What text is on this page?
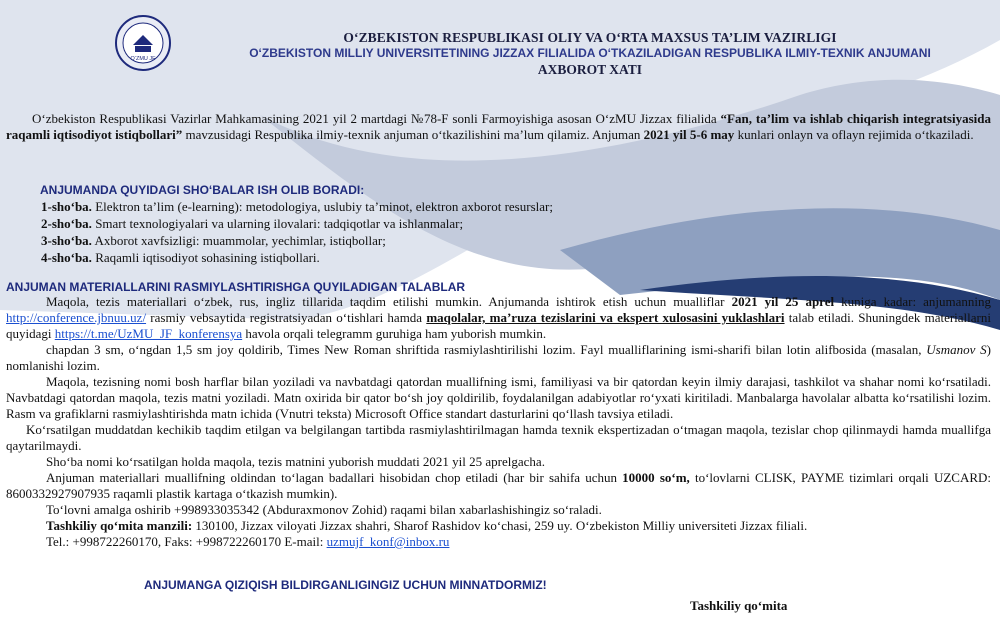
O‘ZMU JF
O‘ZBEKISTON RESPUBLIKASI OLIY VA O‘RTA MAXSUS TA’LIM VAZIRLIGI
O‘ZBEKISTON MILLIY UNIVERSITETINING JIZZAX FILIALIDA O‘TKAZILADIGAN RESPUBLIKA ILMIY-TEXNIK ANJUMANI
AXBOROT XATI
O‘zbekiston Respublikasi Vazirlar Mahkamasining 2021 yil 2 martdagi №78-F sonli Farmoyishiga asosan O‘zMU Jizzax filialida “Fan, ta’lim va ishlab chiqarish integratsiyasida raqamli iqtisodiyot istiqbollari” mavzusidagi Respublika ilmiy-texnik anjuman o‘tkazilishini ma’lum qilamiz. Anjuman 2021 yil 5-6 may kunlari onlayn va oflayn rejimida o‘tkaziladi.
ANJUMANDA QUYIDAGI SHO‘BALAR ISH OLIB BORADI:
1-sho‘ba. Elektron ta’lim (e-learning): metodologiya, uslubiy ta’minot, elektron axborot resurslar;
2-sho‘ba. Smart texnologiyalari va ularning ilovalari: tadqiqotlar va ishlanmalar;
3-sho‘ba. Axborot xavfsizligi: muammolar, yechimlar, istiqbollar;
4-sho‘ba. Raqamli iqtisodiyot sohasining istiqbollari.
ANJUMAN MATERIALLARINI RASMIYLASHTIRISHGA QUYILADIGAN TALABLAR

Maqola, tezis materiallari o‘zbek, rus, ingliz tillarida taqdim etilishi mumkin. Anjumanda ishtirok etish uchun mualliflar 2021 yil 25 aprel kuniga kadar: anjumanning http://conference.jbnuu.uz/ rasmiy vebsaytida registratsiyadan o‘tishlari hamda maqolalar, ma’ruza tezislarini va ekspert xulosasini yuklashlari talab etiladi. Shuningdek materiallarni quyidagi https://t.me/UzMU_JF_konferensya havola orqali telegramm guruhiga ham yuborish mumkin.

chapdan 3 sm, o‘ngdan 1,5 sm joy qoldirib, Times New Roman shriftida rasmiylashtirilishi lozim. Fayl mualliflarining ismi-sharifi bilan lotin alifbosida (masalan, Usmanov S) nomlanishi lozim.

Maqola, tezisning nomi bosh harflar bilan yoziladi va navbatdagi qatordan muallifning ismi, familiyasi va bir qatordan keyin ilmiy darajasi, tashkilot va shahar nomi ko‘rsatiladi. Navbatdagi qatordan maqola, tezis matni yoziladi. Matn oxirida bir qator bo‘sh joy qoldirilib, foydalanilgan adabiyotlar ro‘yxati kiritiladi. Manbalarga havolalar albatta ko‘rsatilishi lozim. Rasm va grafiklarni rasmiylashtirishda matn ichida (Vnutri teksta) Microsoft Office standart dasturlarini qo‘llash tavsiya etiladi.

Ko‘rsatilgan muddatdan kechikib taqdim etilgan va belgilangan tartibda rasmiylashtirilmagan hamda texnik ekspertizadan o‘tmagan maqola, tezislar chop qilinmaydi hamda muallifga qaytarilmaydi.

Sho‘ba nomi ko‘rsatilgan holda maqola, tezis matnini yuborish muddati 2021 yil 25 aprelgacha.

Anjuman materiallari muallifning oldindan to‘lagan badallari hisobidan chop etiladi (har bir sahifa uchun 10000 so‘m, to‘lovlarni CLISK, PAYME tizimlari orqali UZCARD: 8600332927907935 raqamli plastik kartaga o‘tkazish mumkin).

To‘lovni amalga oshirib +998933035342 (Abduraxmonov Zohid) raqami bilan xabarlashishingiz so‘raladi.

Tashkiliy qo‘mita manzili: 130100, Jizzax viloyati Jizzax shahri, Sharof Rashidov ko‘chasi, 259 uy. O‘zbekiston Milliy universiteti Jizzax filiali.

Tel.: +998722260170, Faks: +998722260170 E-mail: uzmujf_konf@inbox.ru

ANJUMANGA QIZIQISH BILDIRGANLIGINGIZ UCHUN MINNATDORMIZ!
Tashkiliy qo‘mita
